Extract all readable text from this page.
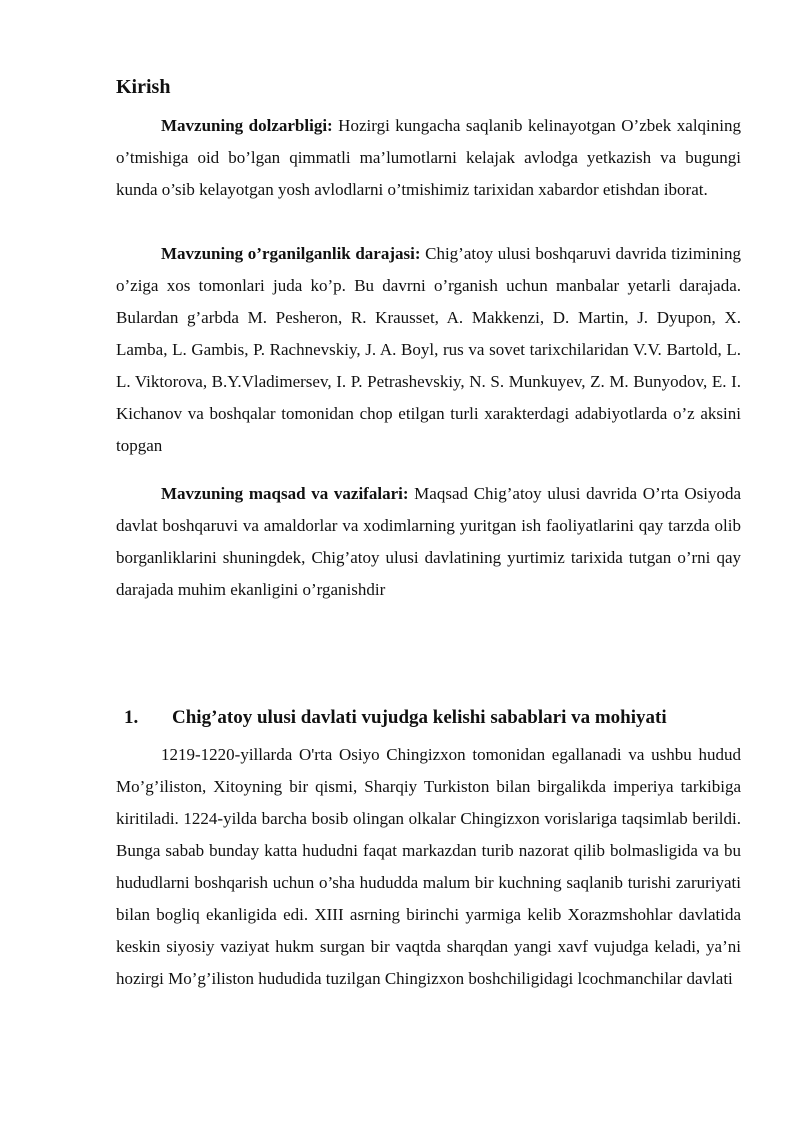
Kirish

Mavzuning dolzarbligi: Hozirgi kungacha saqlanib kelinayotgan O’zbek xalqining o’tmishiga oid bo’lgan qimmatli ma’lumotlarni kelajak avlodga yetkazish va bugungi kunda o’sib kelayotgan yosh avlodlarni o’tmishimiz tarixidan xabardor etishdan iborat.

Mavzuning o’rganilganlik darajasi: Chig’atoy ulusi boshqaruvi davrida tizimining o’ziga xos tomonlari juda ko’p. Bu davrni o’rganish uchun manbalar yetarli darajada. Bulardan g’arbda M. Pesheron, R. Krausset, A. Makkenzi, D. Martin, J. Dyupon, X. Lamba, L. Gambis, P. Rachnevskiy, J. A. Boyl, rus va sovet tarixchilaridan V.V. Bartold, L. L. Viktorova, B.Y.Vladimersev, I. P. Petrashevskiy, N. S. Munkuyev, Z. M. Bunyodov, E. I. Kichanov va boshqalar tomonidan chop etilgan turli xarakterdagi adabiyotlarda o’z aksini topgan

Mavzuning maqsad va vazifalari: Maqsad Chig’atoy ulusi davrida O’rta Osiyoda davlat boshqaruvi va amaldorlar va xodimlarning yuritgan ish faoliyatlarini qay tarzda olib borganliklarini shuningdek, Chig’atoy ulusi davlatining yurtimiz tarixida tutgan o’rni qay darajada muhim ekanligini o’rganishdir

1. Chig’atoy ulusi davlati vujudga kelishi sabablari va mohiyati

1219-1220-yillarda O'rta Osiyo Chingizxon tomonidan egallanadi va ushbu hudud Mo’g’iliston, Xitoyning bir qismi, Sharqiy Turkiston bilan birgalikda imperiya tarkibiga kiritiladi. 1224-yilda barcha bosib olingan olkalar Chingizxon vorislariga taqsimlab berildi. Bunga sabab bunday katta hududni faqat markazdan turib nazorat qilib bolmasligida va bu hududlarni boshqarish uchun o’sha hududda malum bir kuchning saqlanib turishi zaruriyati bilan bogliq ekanligida edi. XIII asrning birinchi yarmiga kelib Xorazmshohlar davlatida keskin siyosiy vaziyat hukm surgan bir vaqtda sharqdan yangi xavf vujudga keladi, ya’ni hozirgi Mo’g’iliston hududida tuzilgan Chingizxon boshchiligidagi lcochmanchilar davlati
